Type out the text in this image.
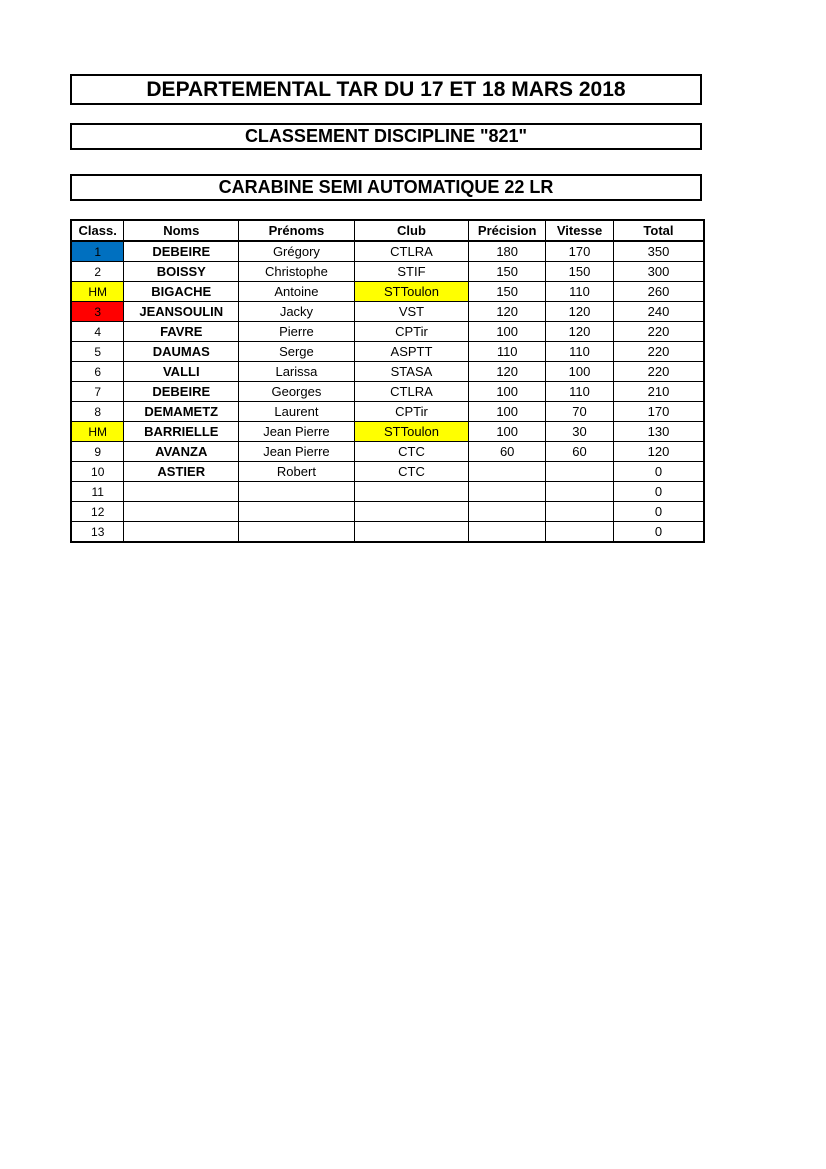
DEPARTEMENTAL TAR DU 17 ET 18 MARS 2018
CLASSEMENT DISCIPLINE "821"
CARABINE SEMI AUTOMATIQUE 22 LR
Class.	Noms	Prénoms	Club	Précision	Vitesse	Total
1	DEBEIRE	Grégory	CTLRA	180	170	350
2	BOISSY	Christophe	STIF	150	150	300
HM	BIGACHE	Antoine	STToulon	150	110	260
3	JEANSOULIN	Jacky	VST	120	120	240
4	FAVRE	Pierre	CPTir	100	120	220
5	DAUMAS	Serge	ASPTT	110	110	220
6	VALLI	Larissa	STASA	120	100	220
7	DEBEIRE	Georges	CTLRA	100	110	210
8	DEMAMETZ	Laurent	CPTir	100	70	170
HM	BARRIELLE	Jean Pierre	STToulon	100	30	130
9	AVANZA	Jean Pierre	CTC	60	60	120
10	ASTIER	Robert	CTC			0
11						0
12						0
13						0
